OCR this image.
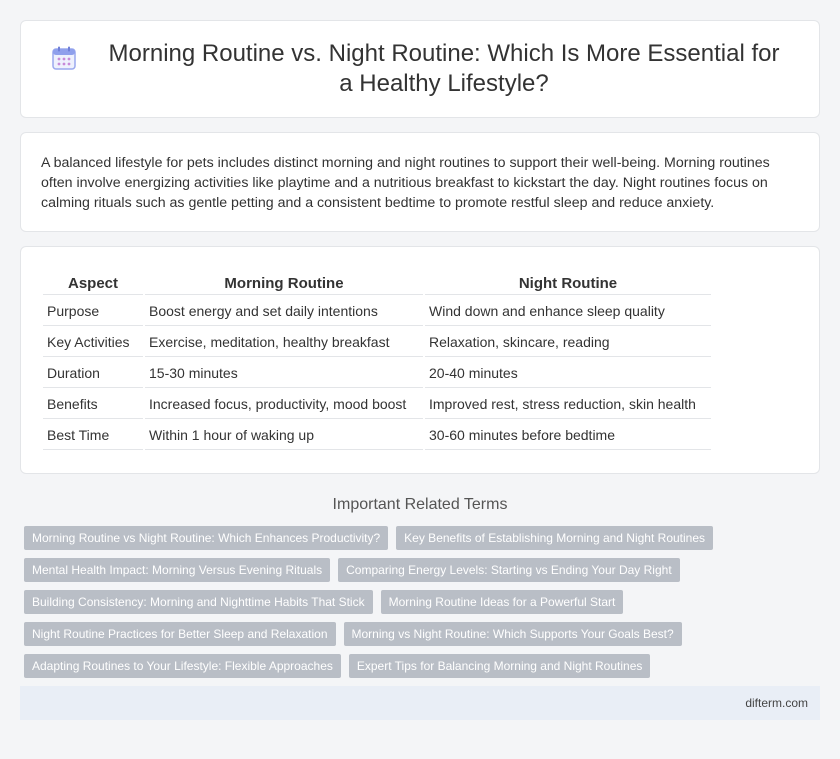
Morning Routine vs. Night Routine: Which Is More Essential for a Healthy Lifestyle?

A balanced lifestyle for pets includes distinct morning and night routines to support their well-being. Morning routines often involve energizing activities like playtime and a nutritious breakfast to kickstart the day. Night routines focus on calming rituals such as gentle petting and a consistent bedtime to promote restful sleep and reduce anxiety.

Aspect	Morning Routine	Night Routine
Purpose	Boost energy and set daily intentions	Wind down and enhance sleep quality
Key Activities	Exercise, meditation, healthy breakfast	Relaxation, skincare, reading
Duration	15-30 minutes	20-40 minutes
Benefits	Increased focus, productivity, mood boost	Improved rest, stress reduction, skin health
Best Time	Within 1 hour of waking up	30-60 minutes before bedtime
Important Related Terms
Morning Routine vs Night Routine: Which Enhances Productivity?	Key Benefits of Establishing Morning and Night Routines
Mental Health Impact: Morning Versus Evening Rituals	Comparing Energy Levels: Starting vs Ending Your Day Right
Building Consistency: Morning and Nighttime Habits That Stick	Morning Routine Ideas for a Powerful Start
Night Routine Practices for Better Sleep and Relaxation	Morning vs Night Routine: Which Supports Your Goals Best?
Adapting Routines to Your Lifestyle: Flexible Approaches	Expert Tips for Balancing Morning and Night Routines
difterm.com
